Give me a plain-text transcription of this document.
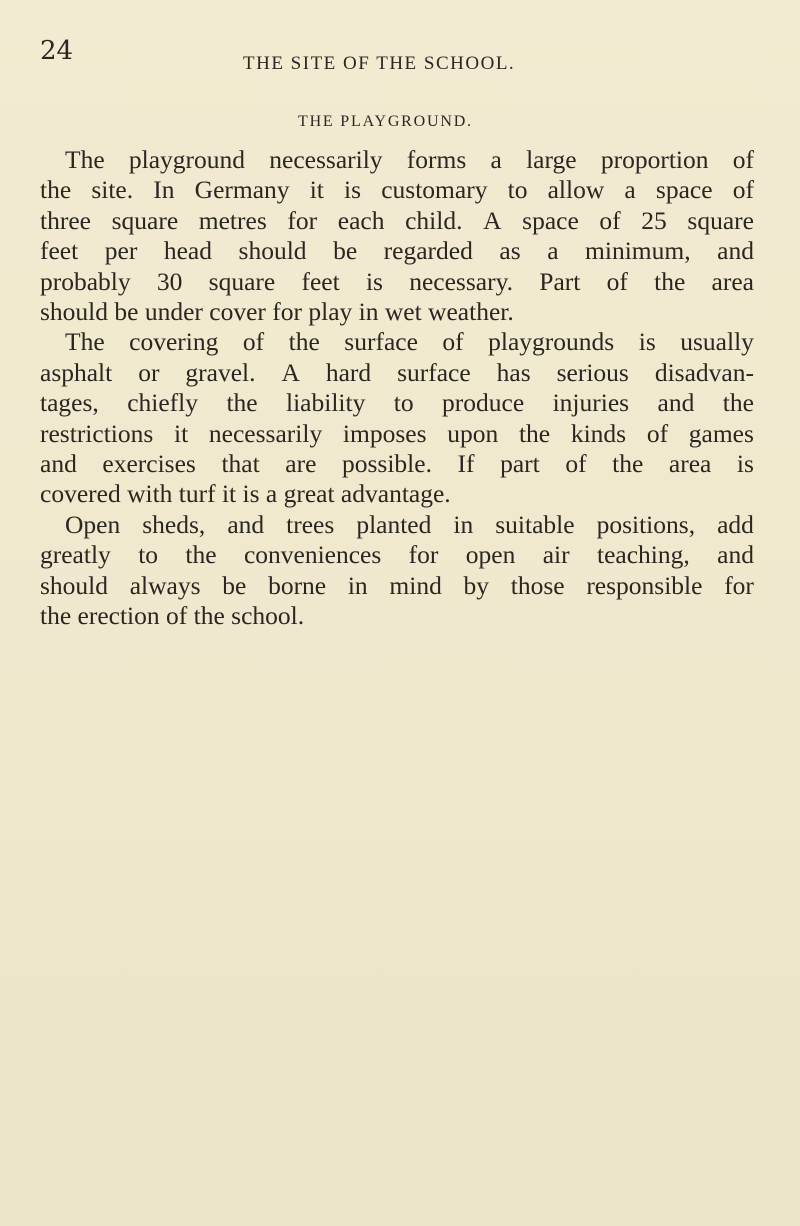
24	THE SITE OF THE SCHOOL.
THE PLAYGROUND.
The playground necessarily forms a large proportion of
the site. In Germany it is customary to allow a space of
three square metres for each child. A space of 25 square
feet per head should be regarded as a minimum, and
probably 30 square feet is necessary. Part of the area
should be under cover for play in wet weather.
The covering of the surface of playgrounds is usually
asphalt or gravel. A hard surface has serious disadvan-
tages, chiefly the liability to produce injuries and the
restrictions it necessarily imposes upon the kinds of games
and exercises that are possible. If part of the area is
covered with turf it is a great advantage.
Open sheds, and trees planted in suitable positions, add
greatly to the conveniences for open air teaching, and
should always be borne in mind by those responsible for
the erection of the school.
